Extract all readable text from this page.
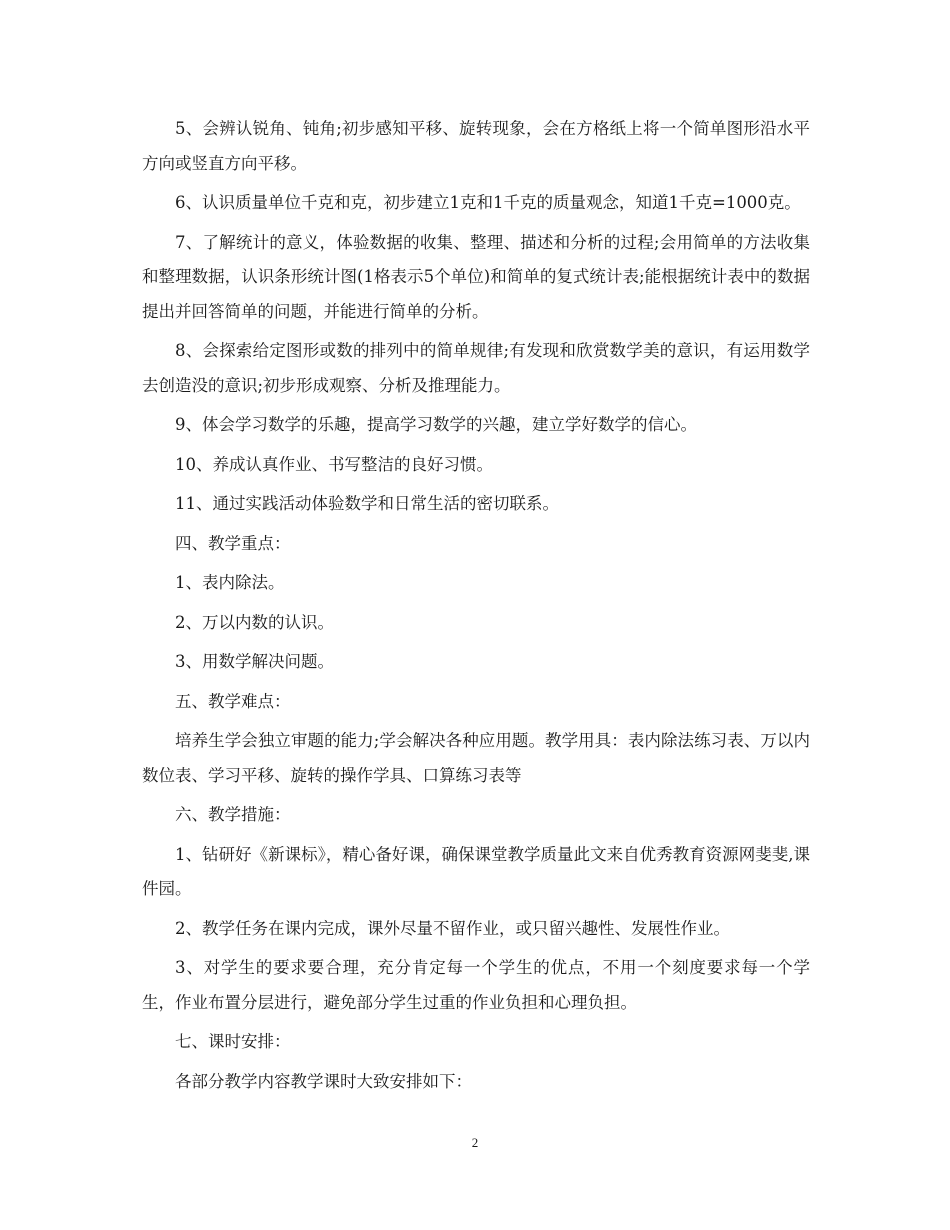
5、会辨认锐角、钝角;初步感知平移、旋转现象，会在方格纸上将一个简单图形沿水平方向或竖直方向平移。

6、认识质量单位千克和克，初步建立1克和1千克的质量观念，知道1千克=1000克。

7、了解统计的意义，体验数据的收集、整理、描述和分析的过程;会用简单的方法收集和整理数据，认识条形统计图(1格表示5个单位)和简单的复式统计表;能根据统计表中的数据提出并回答简单的问题，并能进行简单的分析。

8、会探索给定图形或数的排列中的简单规律;有发现和欣赏数学美的意识，有运用数学去创造没的意识;初步形成观察、分析及推理能力。

9、体会学习数学的乐趣，提高学习数学的兴趣，建立学好数学的信心。

10、养成认真作业、书写整洁的良好习惯。

11、通过实践活动体验数学和日常生活的密切联系。

四、教学重点：

1、表内除法。

2、万以内数的认识。

3、用数学解决问题。

五、教学难点：

培养生学会独立审题的能力;学会解决各种应用题。教学用具：表内除法练习表、万以内数位表、学习平移、旋转的操作学具、口算练习表等

六、教学措施：

1、钻研好《新课标》，精心备好课，确保课堂教学质量此文来自优秀教育资源网斐斐,课件园。

2、教学任务在课内完成，课外尽量不留作业，或只留兴趣性、发展性作业。

3、对学生的要求要合理，充分肯定每一个学生的优点，不用一个刻度要求每一个学生，作业布置分层进行，避免部分学生过重的作业负担和心理负担。

七、课时安排：

各部分教学内容教学课时大致安排如下：

2
